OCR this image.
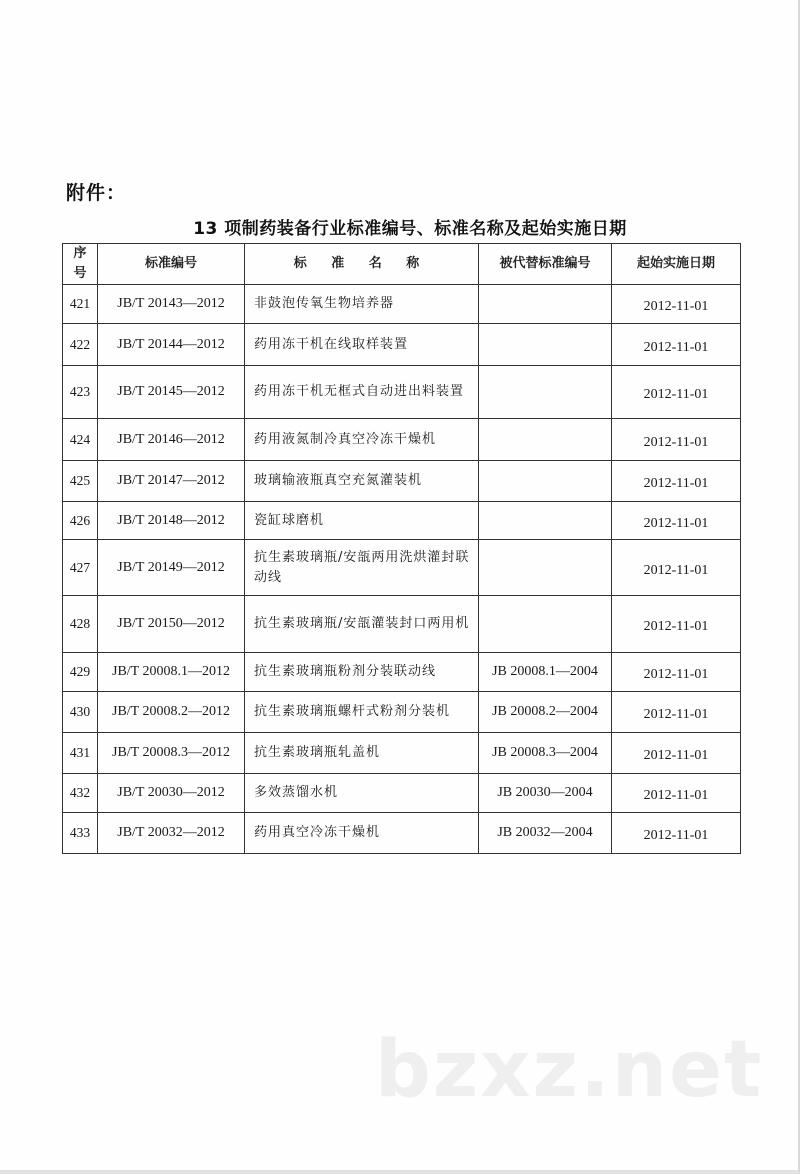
附件：
13 项制药装备行业标准编号、标准名称及起始实施日期
序号	标准编号	标 准 名 称	被代替标准编号	起始实施日期
421	JB/T 20143—2012	非鼓泡传氧生物培养器		2012-11-01
422	JB/T 20144—2012	药用冻干机在线取样装置		2012-11-01
423	JB/T 20145—2012	药用冻干机无框式自动进出料装置		2012-11-01
424	JB/T 20146—2012	药用液氮制冷真空冷冻干燥机		2012-11-01
425	JB/T 20147—2012	玻璃输液瓶真空充氮灌装机		2012-11-01
426	JB/T 20148—2012	瓷缸球磨机		2012-11-01
427	JB/T 20149—2012	抗生素玻璃瓶/安瓿两用洗烘灌封联动线		2012-11-01
428	JB/T 20150—2012	抗生素玻璃瓶/安瓿灌装封口两用机		2012-11-01
429	JB/T 20008.1—2012	抗生素玻璃瓶粉剂分装联动线	JB 20008.1—2004	2012-11-01
430	JB/T 20008.2—2012	抗生素玻璃瓶螺杆式粉剂分装机	JB 20008.2—2004	2012-11-01
431	JB/T 20008.3—2012	抗生素玻璃瓶轧盖机	JB 20008.3—2004	2012-11-01
432	JB/T 20030—2012	多效蒸馏水机	JB 20030—2004	2012-11-01
433	JB/T 20032—2012	药用真空冷冻干燥机	JB 20032—2004	2012-11-01
bzxz.net
